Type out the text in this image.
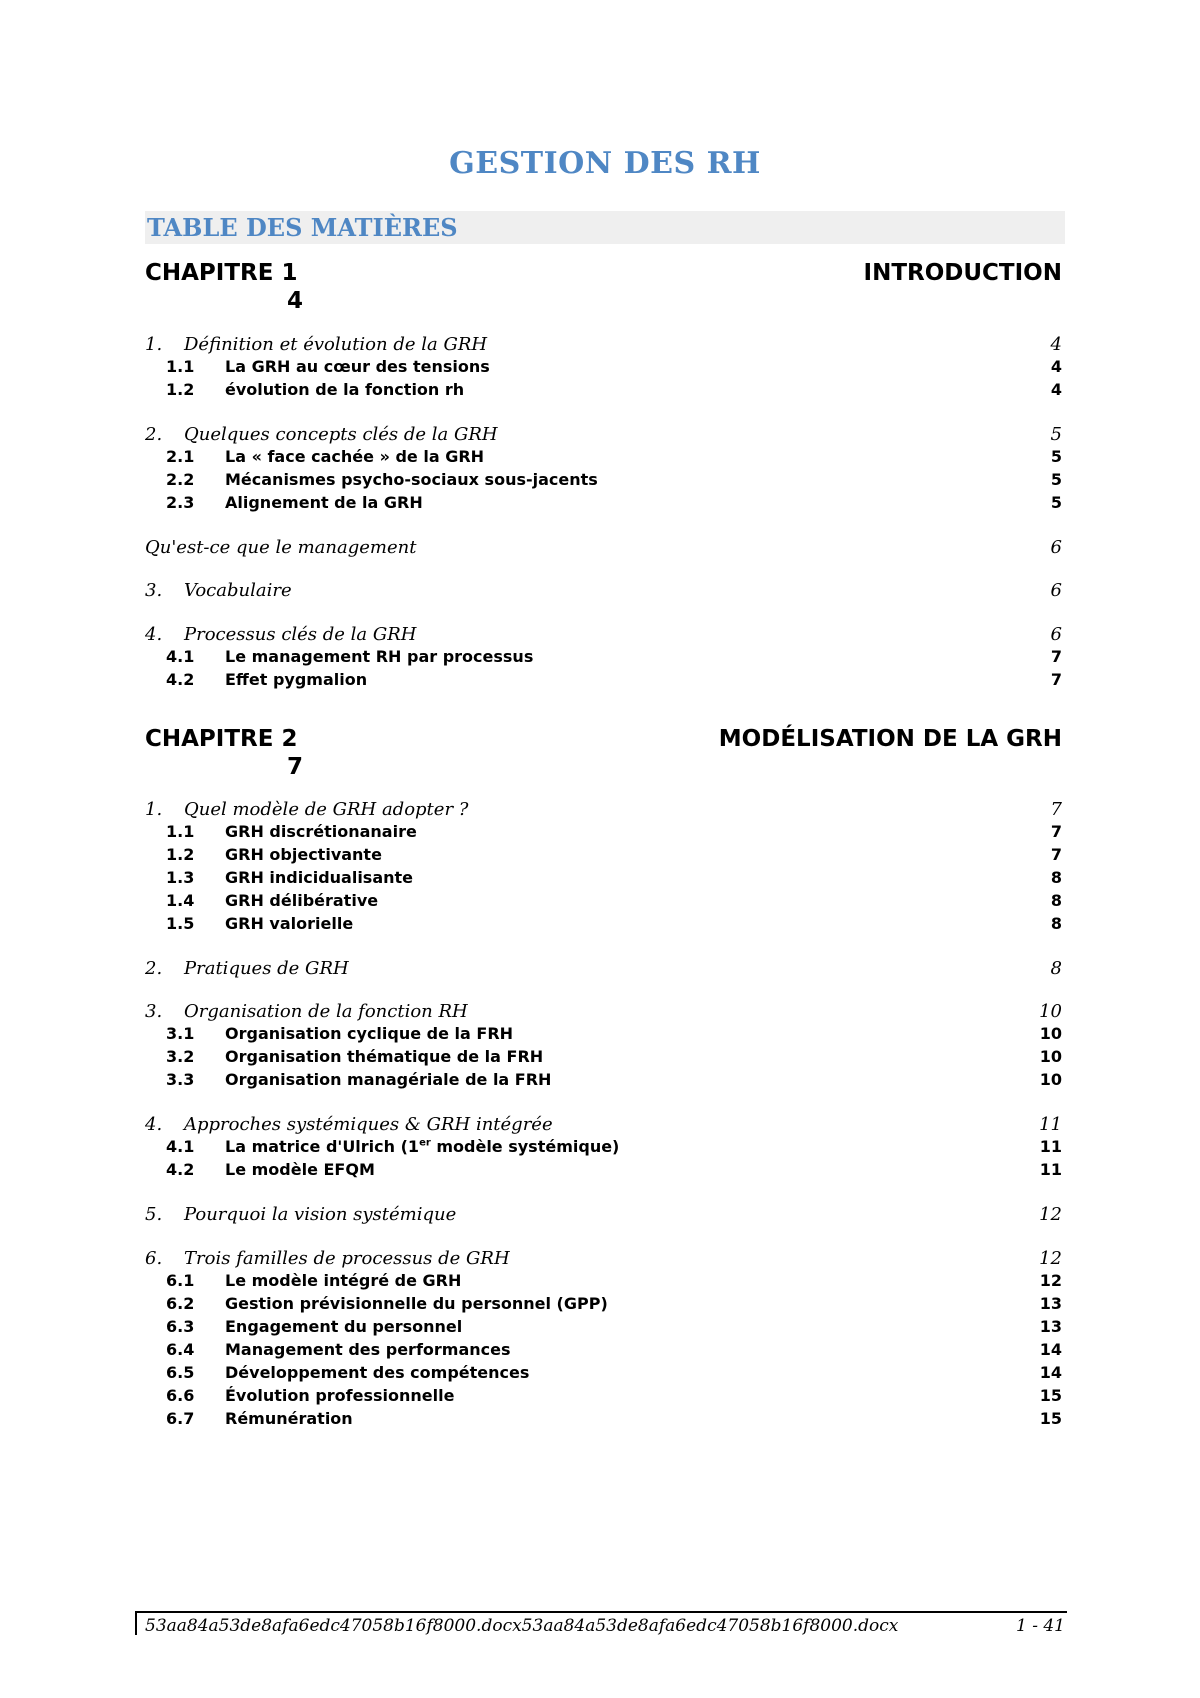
GESTION DES RH
TABLE DES MATIÈRES
CHAPITRE 1	INTRODUCTION
4
1. Définition et évolution de la GRH	4
1.1 La GRH au cœur des tensions	4
1.2 évolution de la fonction rh	4
2. Quelques concepts clés de la GRH	5
2.1 La « face cachée » de la GRH	5
2.2 Mécanismes psycho-sociaux sous-jacents	5
2.3 Alignement de la GRH	5
Qu'est-ce que le management	6
3. Vocabulaire	6
4. Processus clés de la GRH	6
4.1 Le management RH par processus	7
4.2 Effet pygmalion	7
CHAPITRE 2	MODÉLISATION DE LA GRH
7
1. Quel modèle de GRH adopter ?	7
1.1 GRH discrétionanaire	7
1.2 GRH objectivante	7
1.3 GRH indicidualisante	8
1.4 GRH délibérative	8
1.5 GRH valorielle	8
2. Pratiques de GRH	8
3. Organisation de la fonction RH	10
3.1 Organisation cyclique de la FRH	10
3.2 Organisation thématique de la FRH	10
3.3 Organisation managériale de la FRH	10
4. Approches systémiques & GRH intégrée	11
4.1 La matrice d'Ulrich (1er modèle systémique)	11
4.2 Le modèle EFQM	11
5. Pourquoi la vision systémique	12
6. Trois familles de processus de GRH	12
6.1 Le modèle intégré de GRH	12
6.2 Gestion prévisionnelle du personnel (GPP)	13
6.3 Engagement du personnel	13
6.4 Management des performances	14
6.5 Développement des compétences	14
6.6 Évolution professionnelle	15
6.7 Rémunération	15
53aa84a53de8afa6edc47058b16f8000.docx53aa84a53de8afa6edc47058b16f8000.docx	1 - 41
